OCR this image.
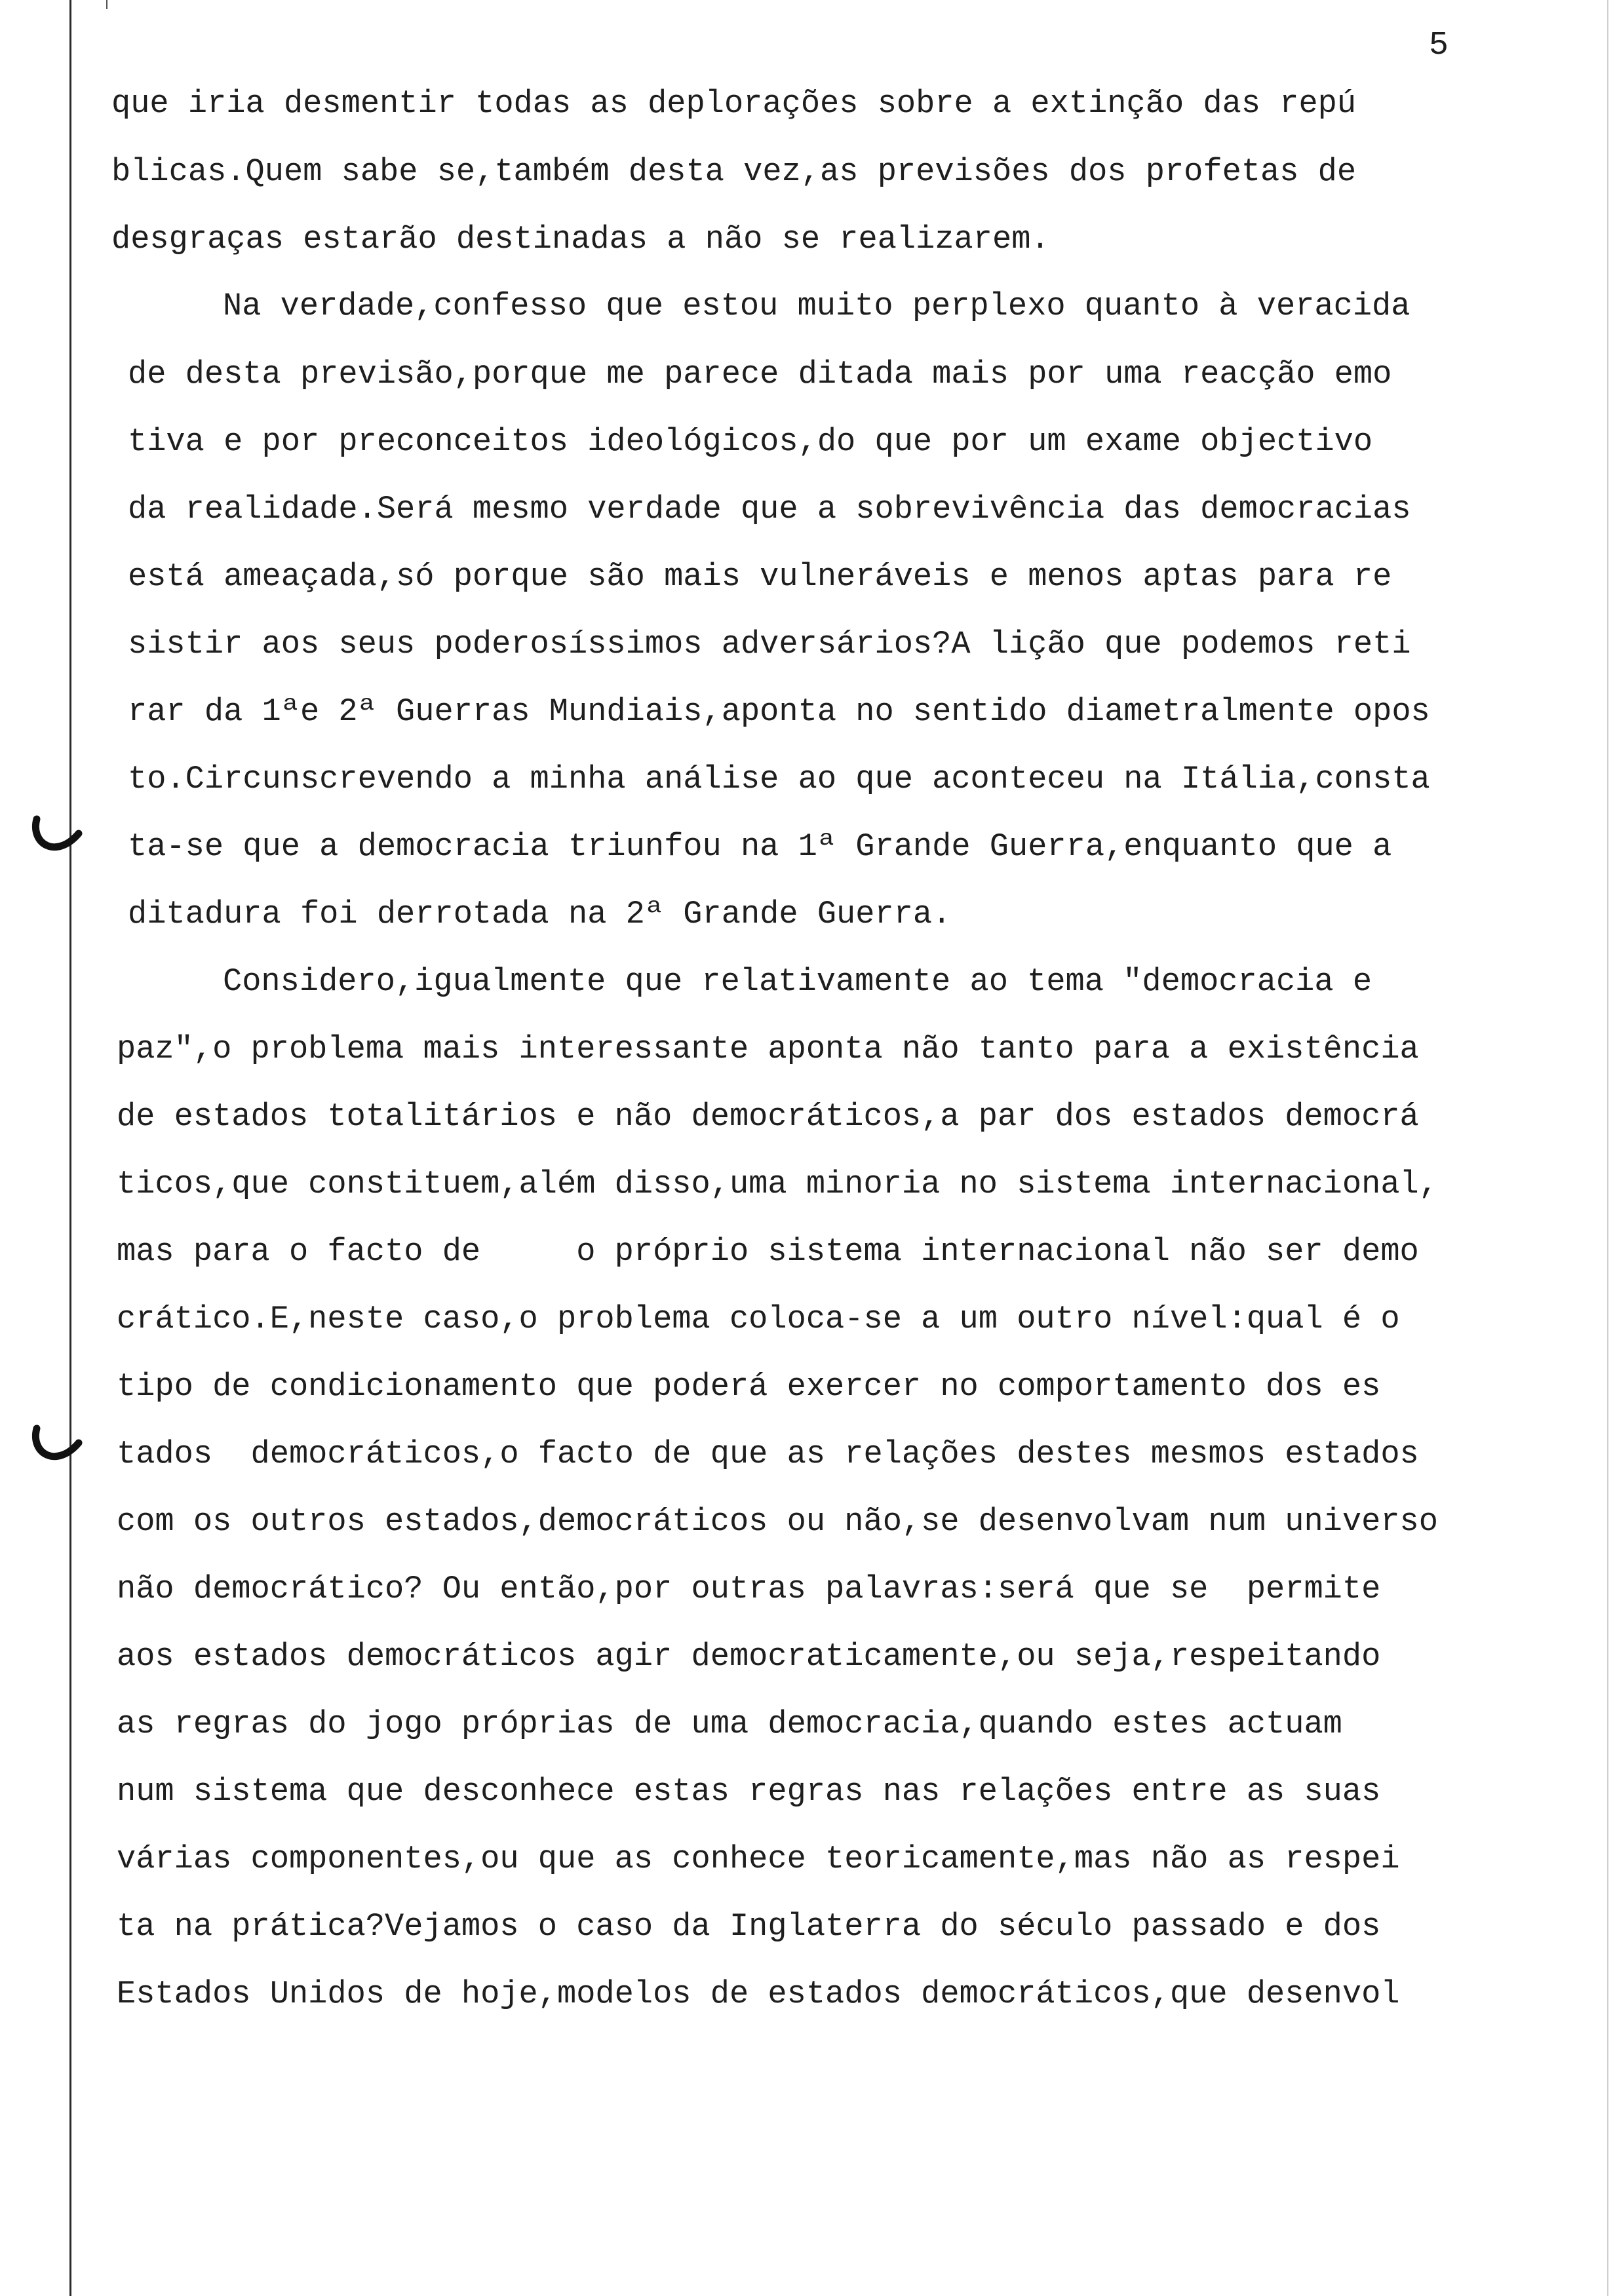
5
que iria desmentir todas as deplorações sobre a extinção das repú
blicas.Quem sabe se,também desta vez,as previsões dos profetas de
desgraças estarão destinadas a não se realizarem.
Na verdade,confesso que estou muito perplexo quanto à veracida
de desta previsão,porque me parece ditada mais por uma reacção emo
tiva e por preconceitos ideológicos,do que por um exame objectivo
da realidade.Será mesmo verdade que a sobrevivência das democracias
está ameaçada,só porque são mais vulneráveis e menos aptas para re
sistir aos seus poderosíssimos adversários?A lição que podemos reti
rar da 1ªe 2ª Guerras Mundiais,aponta no sentido diametralmente opos
to.Circunscrevendo a minha análise ao que aconteceu na Itália,consta
ta-se que a democracia triunfou na 1ª Grande Guerra,enquanto que a
ditadura foi derrotada na 2ª Grande Guerra.
Considero,igualmente que relativamente ao tema "democracia e
paz",o problema mais interessante aponta não tanto para a existência
de estados totalitários e não democráticos,a par dos estados democrá
ticos,que constituem,além disso,uma minoria no sistema internacional,
mas para o facto de     o próprio sistema internacional não ser demo
crático.E,neste caso,o problema coloca-se a um outro nível:qual é o
tipo de condicionamento que poderá exercer no comportamento dos es
tados  democráticos,o facto de que as relações destes mesmos estados
com os outros estados,democráticos ou não,se desenvolvam num universo
não democrático? Ou então,por outras palavras:será que se  permite
aos estados democráticos agir democraticamente,ou seja,respeitando
as regras do jogo próprias de uma democracia,quando estes actuam
num sistema que desconhece estas regras nas relações entre as suas
várias componentes,ou que as conhece teoricamente,mas não as respei
ta na prática?Vejamos o caso da Inglaterra do século passado e dos
Estados Unidos de hoje,modelos de estados democráticos,que desenvol
